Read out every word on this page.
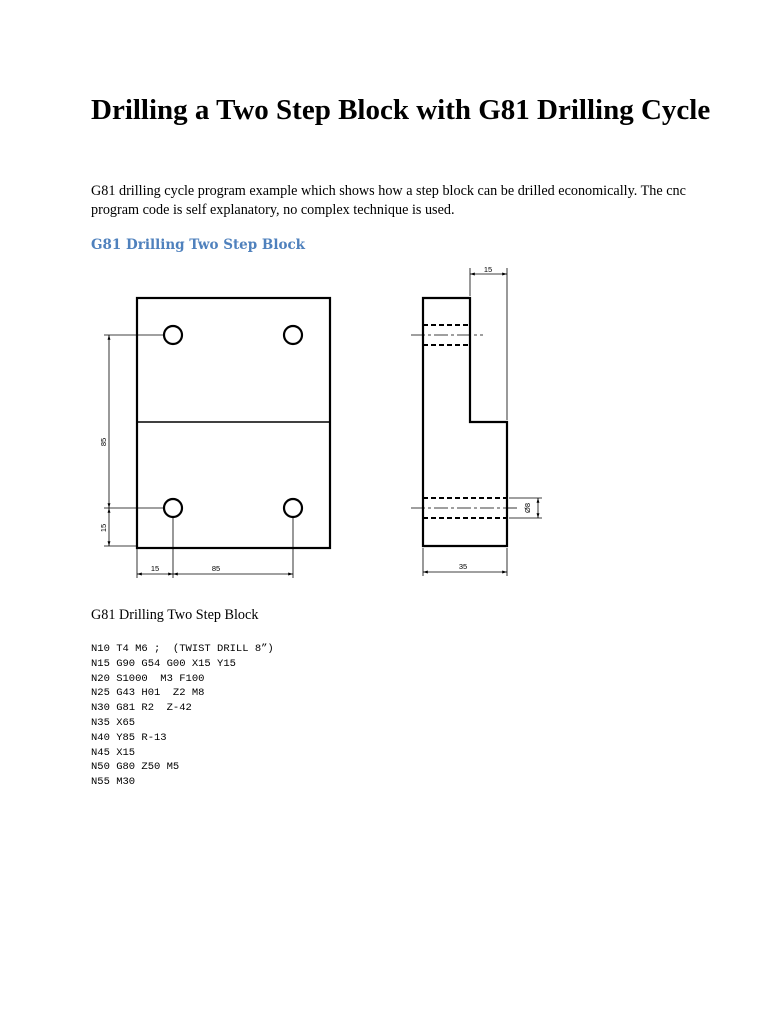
Drilling a Two Step Block with G81 Drilling Cycle

G81 drilling cycle program example which shows how a step block can be drilled economically. The cnc program code is self explanatory, no complex technique is used.

G81 Drilling Two Step Block
85
15
15	85
15
35
Ø8

G81 Drilling Two Step Block

N10 T4 M6 ;  (TWIST DRILL 8”)
N15 G90 G54 G00 X15 Y15
N20 S1000  M3 F100
N25 G43 H01  Z2 M8
N30 G81 R2  Z-42
N35 X65
N40 Y85 R-13
N45 X15
N50 G80 Z50 M5
N55 M30
